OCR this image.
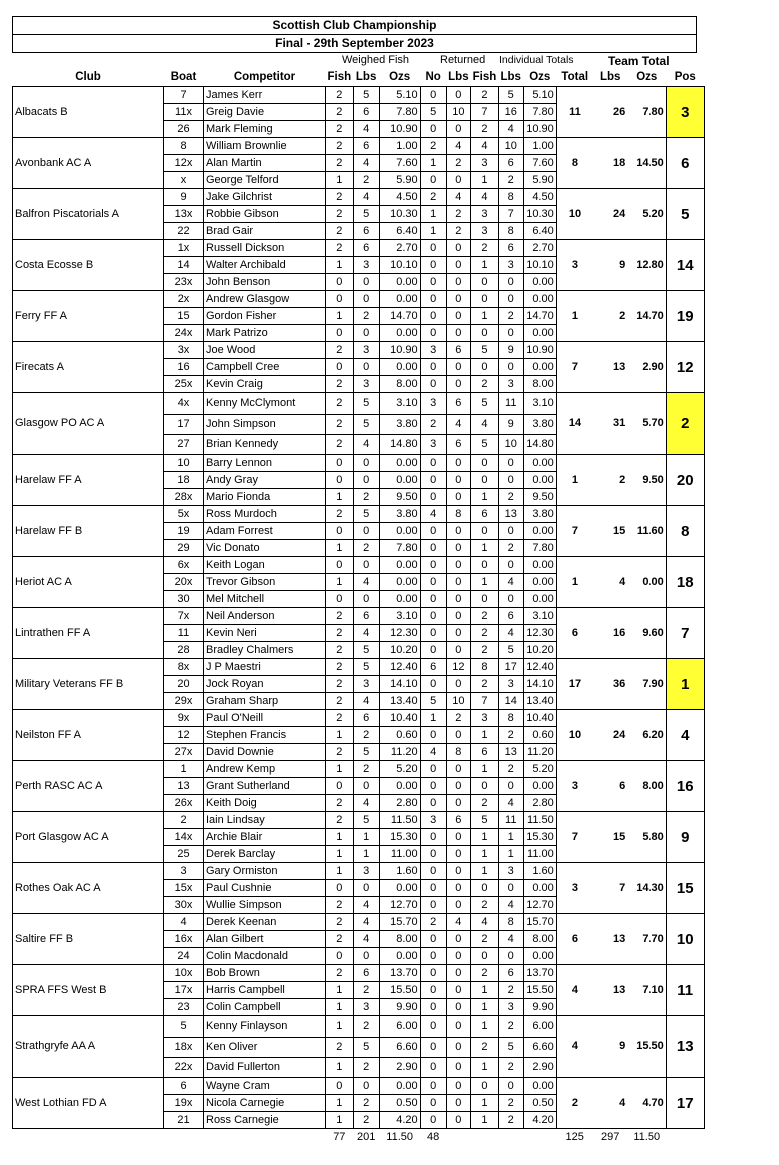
Scottish Club Championship
Final - 29th September 2023
Weighed Fish	Returned Individual Totals	Team Total
Club	Boat	Competitor	Fish	Lbs	Ozs	No	Lbs	Fish	Lbs	Ozs	Total	Lbs	Ozs	Pos
Albacats B	7	James Kerr	2	5	5.10	0	0	2	5	5.10	11	26	7.80	3
	11x	Greig Davie	2	6	7.80	5	10	7	16	7.80				
	26	Mark Fleming	2	4	10.90	0	0	2	4	10.90				
Avonbank AC A	8	William Brownlie	2	6	1.00	2	4	4	10	1.00	8	18	14.50	6
	12x	Alan Martin	2	4	7.60	1	2	3	6	7.60				
	x	George Telford	1	2	5.90	0	0	1	2	5.90				
Balfron Piscatorials A	9	Jake Gilchrist	2	4	4.50	2	4	4	8	4.50	10	24	5.20	5
	13x	Robbie Gibson	2	5	10.30	1	2	3	7	10.30				
	22	Brad Gair	2	6	6.40	1	2	3	8	6.40				
Costa Ecosse B	1x	Russell Dickson	2	6	2.70	0	0	2	6	2.70	3	9	12.80	14
	14	Walter Archibald	1	3	10.10	0	0	1	3	10.10				
	23x	John Benson	0	0	0.00	0	0	0	0	0.00				
Ferry FF A	2x	Andrew Glasgow	0	0	0.00	0	0	0	0	0.00	1	2	14.70	19
	15	Gordon Fisher	1	2	14.70	0	0	1	2	14.70				
	24x	Mark Patrizo	0	0	0.00	0	0	0	0	0.00				
Firecats A	3x	Joe Wood	2	3	10.90	3	6	5	9	10.90	7	13	2.90	12
	16	Campbell Cree	0	0	0.00	0	0	0	0	0.00				
	25x	Kevin Craig	2	3	8.00	0	0	2	3	8.00				
Glasgow PO AC A	4x	Kenny McClymont	2	5	3.10	3	6	5	11	3.10	14	31	5.70	2
	17	John Simpson	2	5	3.80	2	4	4	9	3.80				
	27	Brian Kennedy	2	4	14.80	3	6	5	10	14.80				
Harelaw FF A	10	Barry Lennon	0	0	0.00	0	0	0	0	0.00	1	2	9.50	20
	18	Andy Gray	0	0	0.00	0	0	0	0	0.00				
	28x	Mario Fionda	1	2	9.50	0	0	1	2	9.50				
Harelaw FF B	5x	Ross Murdoch	2	5	3.80	4	8	6	13	3.80	7	15	11.60	8
	19	Adam Forrest	0	0	0.00	0	0	0	0	0.00				
	29	Vic Donato	1	2	7.80	0	0	1	2	7.80				
Heriot AC A	6x	Keith Logan	0	0	0.00	0	0	0	0	0.00	1	4	0.00	18
	20x	Trevor Gibson	1	4	0.00	0	0	1	4	0.00				
	30	Mel Mitchell	0	0	0.00	0	0	0	0	0.00				
Lintrathen FF A	7x	Neil Anderson	2	6	3.10	0	0	2	6	3.10	6	16	9.60	7
	11	Kevin Neri	2	4	12.30	0	0	2	4	12.30				
	28	Bradley Chalmers	2	5	10.20	0	0	2	5	10.20				
Military Veterans FF B	8x	J P Maestri	2	5	12.40	6	12	8	17	12.40	17	36	7.90	1
	20	Jock Royan	2	3	14.10	0	0	2	3	14.10				
	29x	Graham Sharp	2	4	13.40	5	10	7	14	13.40				
Neilston FF A	9x	Paul O'Neill	2	6	10.40	1	2	3	8	10.40	10	24	6.20	4
	12	Stephen Francis	1	2	0.60	0	0	1	2	0.60				
	27x	David Downie	2	5	11.20	4	8	6	13	11.20				
Perth RASC AC A	1	Andrew Kemp	1	2	5.20	0	0	1	2	5.20	3	6	8.00	16
	13	Grant Sutherland	0	0	0.00	0	0	0	0	0.00				
	26x	Keith Doig	2	4	2.80	0	0	2	4	2.80				
Port Glasgow AC A	2	Iain Lindsay	2	5	11.50	3	6	5	11	11.50	7	15	5.80	9
	14x	Archie Blair	1	1	15.30	0	0	1	1	15.30				
	25	Derek Barclay	1	1	11.00	0	0	1	1	11.00				
Rothes Oak AC A	3	Gary Ormiston	1	3	1.60	0	0	1	3	1.60	3	7	14.30	15
	15x	Paul Cushnie	0	0	0.00	0	0	0	0	0.00				
	30x	Wullie Simpson	2	4	12.70	0	0	2	4	12.70				
Saltire FF B	4	Derek Keenan	2	4	15.70	2	4	4	8	15.70	6	13	7.70	10
	16x	Alan Gilbert	2	4	8.00	0	0	2	4	8.00				
	24	Colin Macdonald	0	0	0.00	0	0	0	0	0.00				
SPRA FFS West B	10x	Bob Brown	2	6	13.70	0	0	2	6	13.70	4	13	7.10	11
	17x	Harris Campbell	1	2	15.50	0	0	1	2	15.50				
	23	Colin Campbell	1	3	9.90	0	0	1	3	9.90				
Strathgryfe AA A	5	Kenny Finlayson	1	2	6.00	0	0	1	2	6.00	4	9	15.50	13
	18x	Ken Oliver	2	5	6.60	0	0	2	5	6.60				
	22x	David Fullerton	1	2	2.90	0	0	1	2	2.90				
West Lothian FD A	6	Wayne Cram	0	0	0.00	0	0	0	0	0.00	2	4	4.70	17
	19x	Nicola Carnegie	1	2	0.50	0	0	1	2	0.50				
	21	Ross Carnegie	1	2	4.20	0	0	1	2	4.20				
			77	201	11.50	48					125	297	11.50	
